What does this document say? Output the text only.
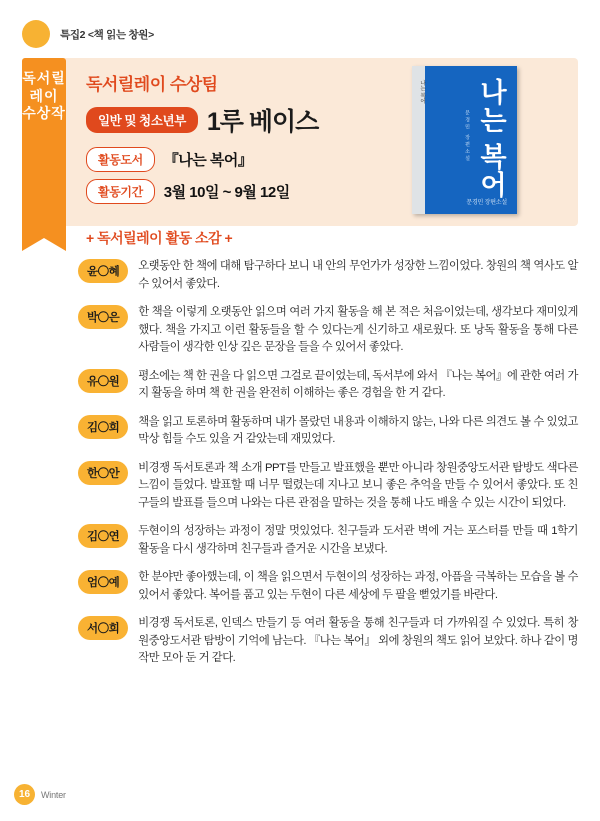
특집2 <책 읽는 창원>
독서릴
레이
수상작
독서릴레이 수상팀
일반 및 청소년부 1루 베이스
활동도서	『나는 복어』
활동기간	3월 10일 ~ 9월 12일
나는 복어 나는 복어
문경민 장편소설
문경민 장편소설
+ 독서릴레이 활동 소감 +
윤〇혜	오랫동안 한 책에 대해 탐구하다 보니 내 안의 무언가가 성장한 느낌이었다. 창원의 책 역사도 알 수 있어서 좋았다.
박〇은	한 책을 이렇게 오랫동안 읽으며 여러 가지 활동을 해 본 적은 처음이었는데, 생각보다 재미있게 했다. 책을 가지고 이런 활동들을 할 수 있다는게 신기하고 새로웠다. 또 낭독 활동을 통해 다른 사람들이 생각한 인상 깊은 문장을 들을 수 있어서 좋았다.
유〇원	평소에는 책 한 권을 다 읽으면 그걸로 끝이었는데, 독서부에 와서 『나는 복어』에 관한 여러 가지 활동을 하며 책 한 권을 완전히 이해하는 좋은 경험을 한 거 같다.
김〇희	책을 읽고 토론하며 활동하며 내가 몰랐던 내용과 이해하지 않는, 나와 다른 의견도 볼 수 있었고 막상 힘들 수도 있을 거 같았는데 재밌었다.
한〇안	비경쟁 독서토론과 책 소개 PPT를 만들고 발표했을 뿐만 아니라 창원중앙도서관 탐방도 색다른 느낌이 들었다. 발표할 때 너무 떨렸는데 지나고 보니 좋은 추억을 만들 수 있어서 좋았다. 또 친구들의 발표를 들으며 나와는 다른 관점을 말하는 것을 통해 나도 배울 수 있는 시간이 되었다.
김〇연	두현이의 성장하는 과정이 정말 멋있었다. 친구들과 도서관 벽에 거는 포스터를 만들 때 1학기 활동을 다시 생각하며 친구들과 즐거운 시간을 보냈다.
엄〇예	한 분야만 좋아했는데, 이 책을 읽으면서 두현이의 성장하는 과정, 아픔을 극복하는 모습을 볼 수 있어서 좋았다. 복어를 품고 있는 두현이 다른 세상에 두 팔을 뻗었기를 바란다.
서〇희	비경쟁 독서토론, 인덱스 만들기 등 여러 활동을 통해 친구들과 더 가까워질 수 있었다. 특히 창원중앙도서관 탐방이 기억에 남는다. 『나는 복어』 외에 창원의 책도 읽어 보았다. 하나 같이 명작만 모아 둔 거 같다.
16	Winter
